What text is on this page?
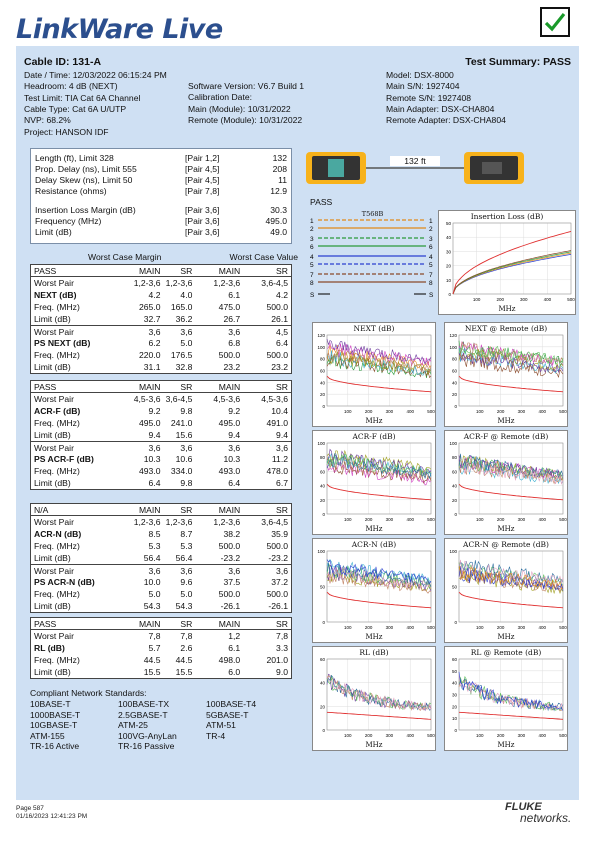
LinkWare Live
Cable ID: 131-A	Test Summary: PASS
Date / Time: 12/03/2022 06:15:24 PM
Headroom: 4 dB (NEXT)
Test Limit: TIA Cat 6A Channel
Cable Type: Cat 6A U/UTP
NVP: 68.2%
Project: HANSON IDF
Software Version: V6.7 Build 1
Calibration Date:
Main (Module): 10/31/2022
Remote (Module): 10/31/2022
Model: DSX-8000
Main S/N: 1927404
Remote S/N: 1927408
Main Adapter: DSX-CHA804
Remote Adapter: DSX-CHA804
Length (ft), Limit 328	[Pair 1,2]	132
Prop. Delay (ns), Limit 555	[Pair 4,5]	208
Delay Skew (ns), Limit 50	[Pair 4,5]	11
Resistance (ohms)	[Pair 7,8]	12.9
Insertion Loss Margin (dB)	[Pair 3,6]	30.3
Frequency (MHz)	[Pair 3,6]	495.0
Limit (dB)	[Pair 3,6]	49.0
Worst Case Margin	Worst Case Value
PASS	MAIN	SR	MAIN	SR
Worst Pair	1,2-3,6 1,2-3,6	1,2-3,6	3,6-4,5
NEXT (dB)	4.2	4.0	6.1	4.2
Freq. (MHz)	265.0	165.0	475.0	500.0
Limit (dB)	32.7	36.2	26.7	26.1
Worst Pair	3,6	3,6	3,6	4,5
PS NEXT (dB)	6.2	5.0	6.8	6.4
Freq. (MHz)	220.0	176.5	500.0	500.0
Limit (dB)	31.1	32.8	23.2	23.2
PASS	MAIN	SR	MAIN	SR
Worst Pair	4,5-3,6 3,6-4,5	4,5-3,6	4,5-3,6
ACR-F (dB)	9.2	9.8	9.2	10.4
Freq. (MHz)	495.0	241.0	495.0	491.0
Limit (dB)	9.4	15.6	9.4	9.4
Worst Pair	3,6	3,6	3,6	3,6
PS ACR-F (dB)	10.3	10.6	10.3	11.2
Freq. (MHz)	493.0	334.0	493.0	478.0
Limit (dB)	6.4	9.8	6.4	6.7
N/A	MAIN	SR	MAIN	SR
Worst Pair	1,2-3,6 1,2-3,6	1,2-3,6	3,6-4,5
ACR-N (dB)	8.5	8.7	38.2	35.9
Freq. (MHz)	5.3	5.3	500.0	500.0
Limit (dB)	56.4	56.4	-23.2	-23.2
Worst Pair	3,6	3,6	3,6	3,6
PS ACR-N (dB)	10.0	9.6	37.5	37.2
Freq. (MHz)	5.0	5.0	500.0	500.0
Limit (dB)	54.3	54.3	-26.1	-26.1
PASS	MAIN	SR	MAIN	SR
Worst Pair	7,8	7,8	1,2	7,8
RL (dB)	5.7	2.6	6.1	3.3
Freq. (MHz)	44.5	44.5	498.0	201.0
Limit (dB)	15.5	15.5	6.0	9.0
Compliant Network Standards:
10BASE-T	100BASE-TX	100BASE-T4
1000BASE-T	2.5GBASE-T	5GBASE-T
10GBASE-T	ATM-25	ATM-51
ATM-155	100VG-AnyLan	TR-4
TR-16 Active	TR-16 Passive
132 ft
PASS
T568B
1	1
2	2
3	3
6	6
4	4
5	5
7	7
8	8
S	S
Insertion Loss (dB)
MHz
50
40
30
20
10
0
100	200	300	400	500
NEXT (dB)
MHz
120
100
80
60
40
20
0
100	200	300	400	500
NEXT @ Remote (dB)
MHz
120
100
80
60
40
20
0
100	200	300	400	500
ACR-F (dB)
MHz
100
80
60
40
20
0
100	200	300	400	500
ACR-F @ Remote (dB)
MHz
100
80
60
40
20
0
100	200	300	400	500
ACR-N (dB)
MHz
100
50
0
100	200	300	400	500
ACR-N @ Remote (dB)
MHz
100
50
0
100	200	300	400	500
RL (dB)
MHz
60
40
20
0
100	200	300	400	500
RL @ Remote (dB)
MHz
60
50
40
30
20
10
0
100	200	300	400	500
Page 587
01/16/2023 12:41:23 PM
FLUKE
networks.
